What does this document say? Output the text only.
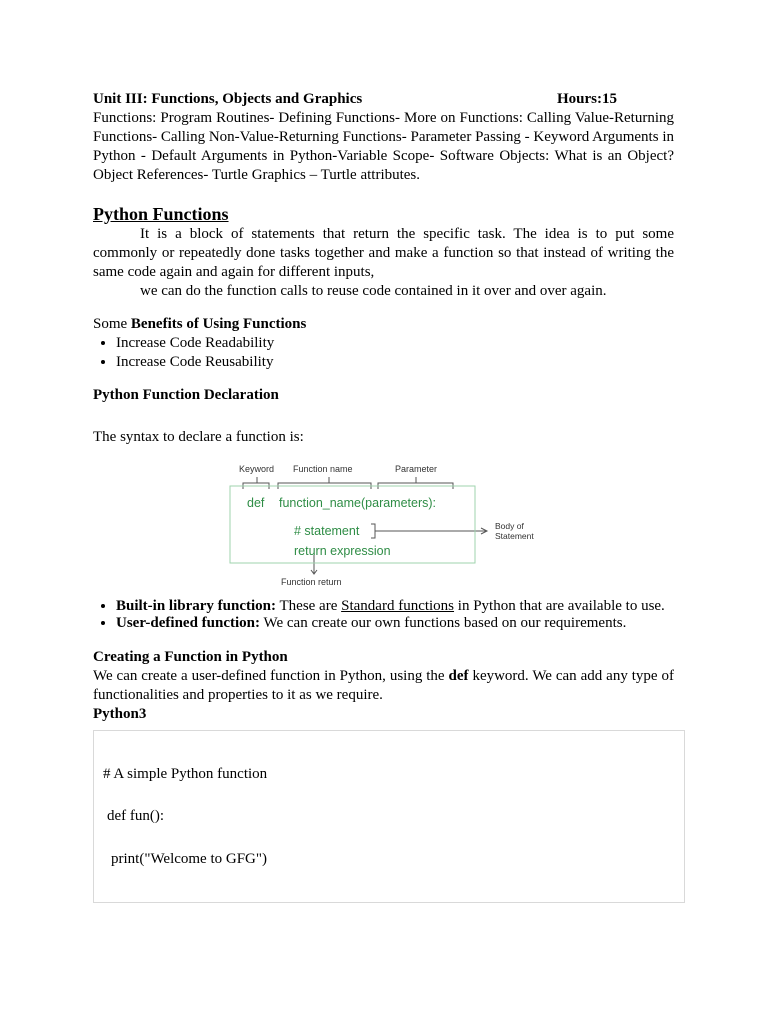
Unit III: Functions, Objects and Graphics	Hours:15
Functions: Program Routines- Defining Functions- More on Functions: Calling Value-Returning Functions- Calling Non-Value-Returning Functions- Parameter Passing - Keyword Arguments in Python - Default Arguments in Python-Variable Scope- Software Objects: What is an Object? Object References- Turtle Graphics – Turtle attributes.
Python Functions
It is a block of statements that return the specific task. The idea is to put some commonly or repeatedly done tasks together and make a function so that instead of writing the same code again and again for different inputs,
we can do the function calls to reuse code contained in it over and over again.
Some Benefits of Using Functions
• Increase Code Readability
• Increase Code Reusability
Python Function Declaration
The syntax to declare a function is:
Keyword Function name	Parameter
def function_name(parameters):
# statement
return expression
Body of
Statement
Function return
• Built-in library function: These are Standard functions in Python that are available to use.
• User-defined function: We can create our own functions based on our requirements.
Creating a Function in Python
We can create a user-defined function in Python, using the def keyword. We can add any type of functionalities and properties to it as we require.
Python3
# A simple Python function
def fun():
print("Welcome to GFG")
